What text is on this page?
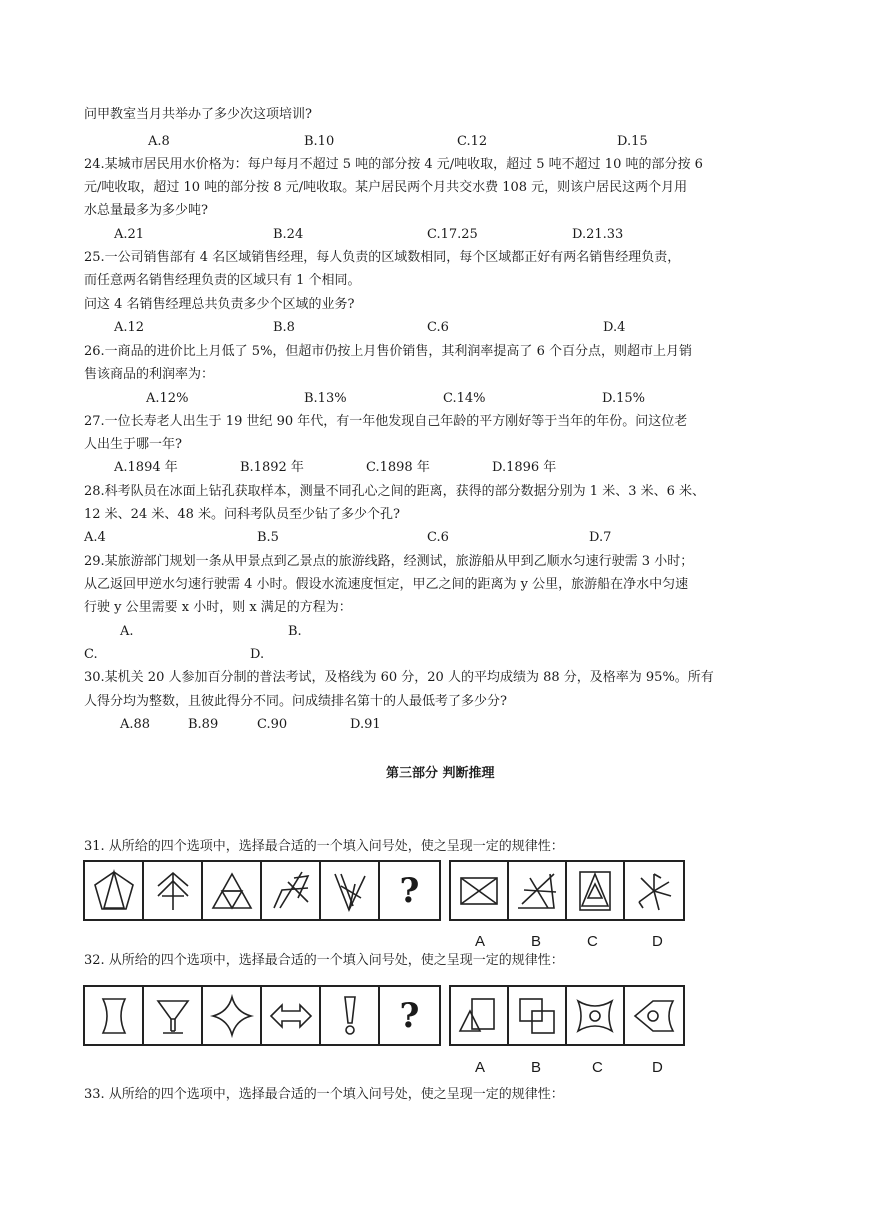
问甲教室当月共举办了多少次这项培训?
A.8	B.10	C.12	D.15
24.某城市居民用水价格为：每户每月不超过 5 吨的部分按 4 元/吨收取，超过 5 吨不超过 10 吨的部分按 6
元/吨收取，超过 10 吨的部分按 8 元/吨收取。某户居民两个月共交水费 108 元，则该户居民这两个月用
水总量最多为多少吨?
A.21	B.24	C.17.25	D.21.33
25.一公司销售部有 4 名区域销售经理，每人负责的区域数相同，每个区域都正好有两名销售经理负责，
而任意两名销售经理负责的区域只有 1 个相同。
问这 4 名销售经理总共负责多少个区域的业务?
A.12	B.8	C.6	D.4
26.一商品的进价比上月低了 5%，但超市仍按上月售价销售，其利润率提高了 6 个百分点，则超市上月销
售该商品的利润率为：
A.12%	B.13%	C.14%	D.15%
27.一位长寿老人出生于 19 世纪 90 年代，有一年他发现自己年龄的平方刚好等于当年的年份。问这位老
人出生于哪一年?
A.1894 年	B.1892 年	C.1898 年	D.1896 年
28.科考队员在冰面上钻孔获取样本，测量不同孔心之间的距离，获得的部分数据分别为 1 米、3 米、6 米、
12 米、24 米、48 米。问科考队员至少钻了多少个孔?
A.4	B.5	C.6	D.7
29.某旅游部门规划一条从甲景点到乙景点的旅游线路，经测试，旅游船从甲到乙顺水匀速行驶需 3 小时；
从乙返回甲逆水匀速行驶需 4 小时。假设水流速度恒定，甲乙之间的距离为 y 公里，旅游船在净水中匀速
行驶 y 公里需要 x 小时，则 x 满足的方程为：
A.	B.
C.	D.
30.某机关 20 人参加百分制的普法考试，及格线为 60 分，20 人的平均成绩为 88 分，及格率为 95%。所有
人得分均为整数，且彼此得分不同。问成绩排名第十的人最低考了多少分?
A.88	B.89	C.90	D.91
第三部分 判断推理
31. 从所给的四个选项中，选择最合适的一个填入问号处，使之呈现一定的规律性：
?
A	B	C	D
32. 从所给的四个选项中，选择最合适的一个填入问号处，使之呈现一定的规律性：
?
A	B	C	D
33. 从所给的四个选项中，选择最合适的一个填入问号处，使之呈现一定的规律性：
